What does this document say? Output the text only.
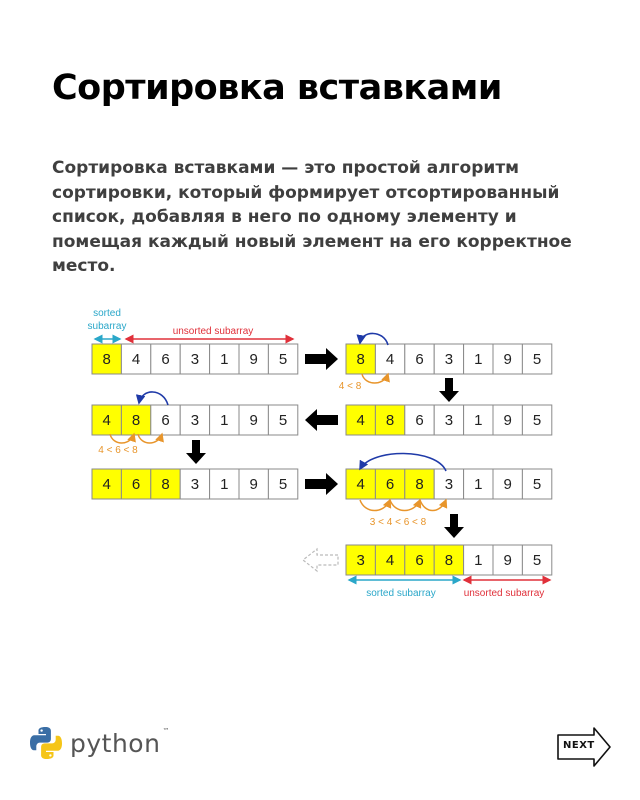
Сортировка вставками
Сортировка вставками — это простой алгоритм сортировки, который формирует отсортированный список, добавляя в него по одному элементу и помещая каждый новый элемент на его корректное место.
sorted
subarray	unsorted subarray
8 4 6 3 1 9 5	8 4 6 3 1 9 5
4 8 6 3 1 9 5	4 8 6 3 1 9 5
4 6 8 3 1 9 5	4 6 8 3 1 9 5
3 4 6 8 1 9 5
4 < 8
4 < 6 < 8
3 < 4 < 6 < 8
sorted subarray	unsorted subarray
python ™
NEXT
